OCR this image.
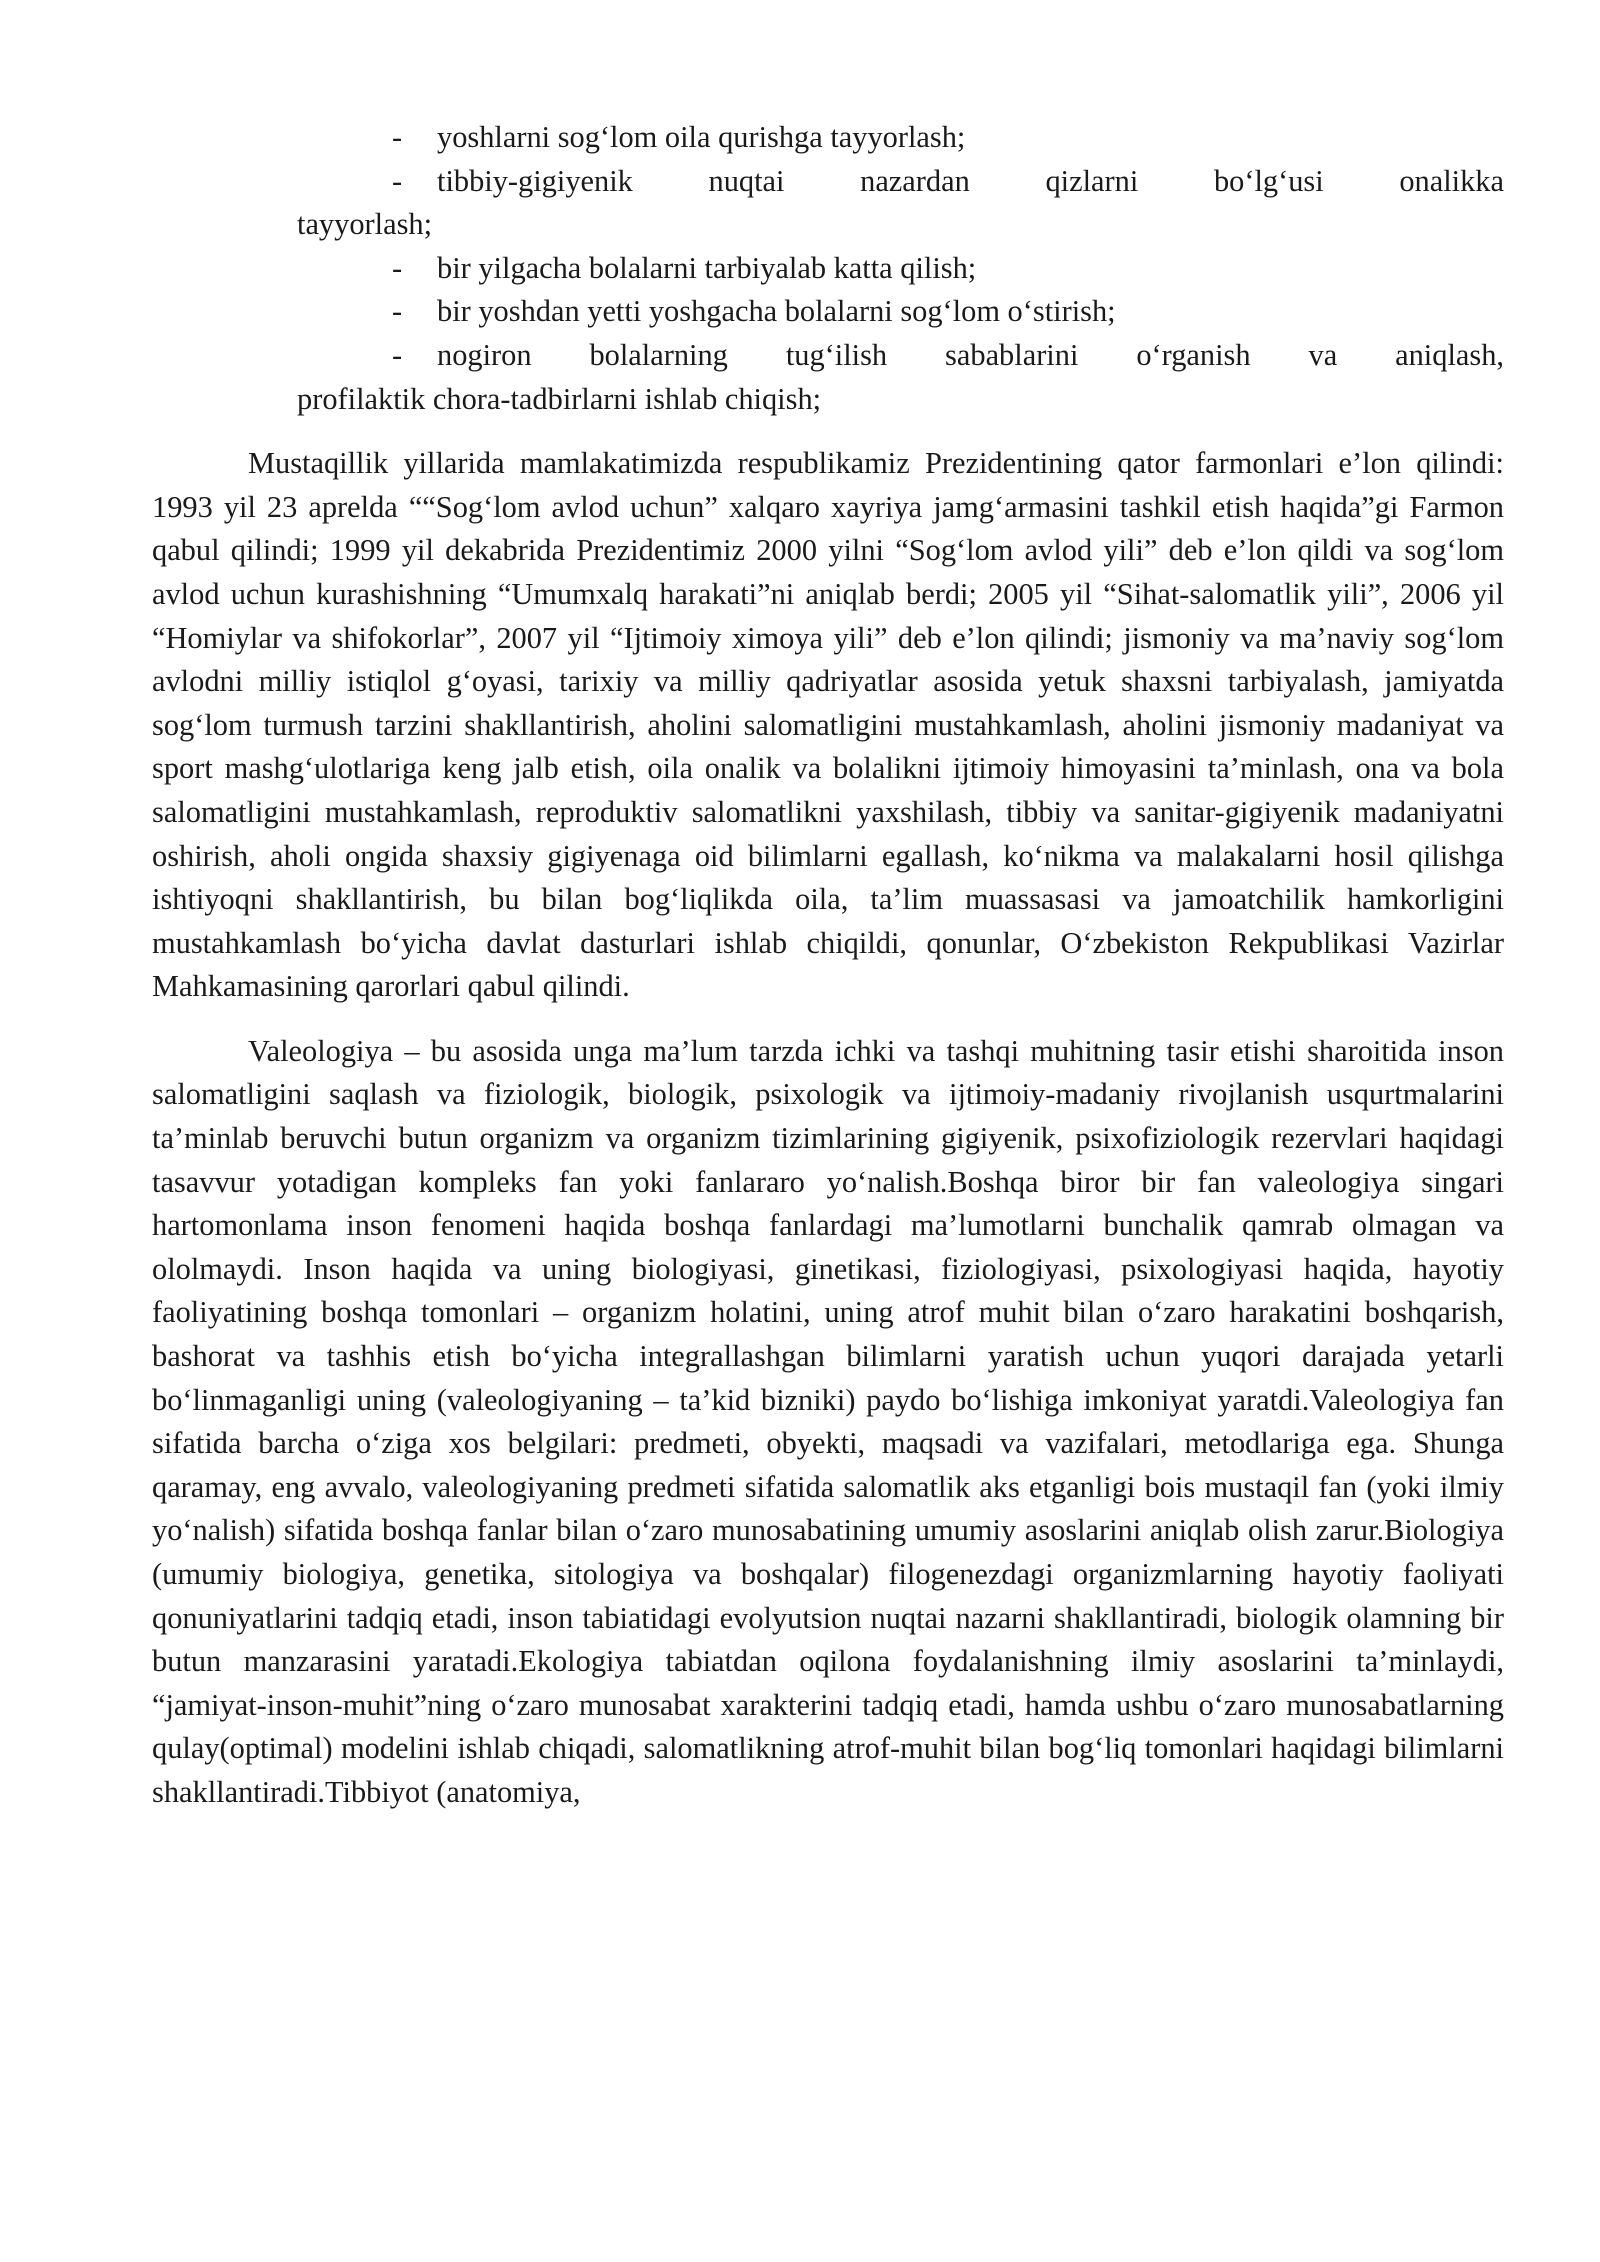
-	yoshlarni sog‘lom oila qurishga tayyorlash;
-	tibbiy-gigiyenik nuqtai nazardan qizlarni bo‘lg‘usi onalikka
tayyorlash;
-	bir yilgacha bolalarni tarbiyalab katta qilish;
-	bir yoshdan yetti yoshgacha bolalarni sog‘lom o‘stirish;
-	nogiron bolalarning tug‘ilish sabablarini o‘rganish va aniqlash,
profilaktik chora-tadbirlarni ishlab chiqish;

Mustaqillik yillarida mamlakatimizda respublikamiz Prezidentining qator farmonlari e’lon qilindi: 1993 yil 23 aprelda ““Sog‘lom avlod uchun” xalqaro xayriya jamg‘armasini tashkil etish haqida”gi Farmon qabul qilindi; 1999 yil dekabrida Prezidentimiz 2000 yilni “Sog‘lom avlod yili” deb e’lon qildi va sog‘lom avlod uchun kurashishning “Umumxalq harakati”ni aniqlab berdi; 2005 yil “Sihat-salomatlik yili”, 2006 yil “Homiylar va shifokorlar”, 2007 yil “Ijtimoiy ximoya yili” deb e’lon qilindi; jismoniy va ma’naviy sog‘lom avlodni milliy istiqlol g‘oyasi, tarixiy va milliy qadriyatlar asosida yetuk shaxsni tarbiyalash, jamiyatda sog‘lom turmush tarzini shakllantirish, aholini salomatligini mustahkamlash, aholini jismoniy madaniyat va sport mashg‘ulotlariga keng jalb etish, oila onalik va bolalikni ijtimoiy himoyasini ta’minlash, ona va bola salomatligini mustahkamlash, reproduktiv salomatlikni yaxshilash, tibbiy va sanitar-gigiyenik madaniyatni oshirish, aholi ongida shaxsiy gigiyenaga oid bilimlarni egallash, ko‘nikma va malakalarni hosil qilishga ishtiyoqni shakllantirish, bu bilan bog‘liqlikda oila, ta’lim muassasasi va jamoatchilik hamkorligini mustahkamlash bo‘yicha davlat dasturlari ishlab chiqildi, qonunlar, O‘zbekiston Rekpublikasi Vazirlar Mahkamasining qarorlari qabul qilindi.

Valeologiya – bu asosida unga ma’lum tarzda ichki va tashqi muhitning tasir etishi sharoitida inson salomatligini saqlash va fiziologik, biologik, psixologik va ijtimoiy-madaniy rivojlanish usqurtmalarini ta’minlab beruvchi butun organizm va organizm tizimlarining gigiyenik, psixofiziologik rezervlari haqidagi tasavvur yotadigan kompleks fan yoki fanlararo yo‘nalish.Boshqa biror bir fan valeologiya singari hartomonlama inson fenomeni haqida boshqa fanlardagi ma’lumotlarni bunchalik qamrab olmagan va ololmaydi. Inson haqida va uning biologiyasi, ginetikasi, fiziologiyasi, psixologiyasi haqida, hayotiy faoliyatining boshqa tomonlari – organizm holatini, uning atrof muhit bilan o‘zaro harakatini boshqarish, bashorat va tashhis etish bo‘yicha integrallashgan bilimlarni yaratish uchun yuqori darajada yetarli bo‘linmaganligi uning (valeologiyaning – ta’kid bizniki) paydo bo‘lishiga imkoniyat yaratdi.Valeologiya fan sifatida barcha o‘ziga xos belgilari: predmeti, obyekti, maqsadi va vazifalari, metodlariga ega. Shunga qaramay, eng avvalo, valeologiyaning predmeti sifatida salomatlik aks etganligi bois mustaqil fan (yoki ilmiy yo‘nalish) sifatida boshqa fanlar bilan o‘zaro munosabatining umumiy asoslarini aniqlab olish zarur.Biologiya (umumiy biologiya, genetika, sitologiya va boshqalar) filogenezdagi organizmlarning hayotiy faoliyati qonuniyatlarini tadqiq etadi, inson tabiatidagi evolyutsion nuqtai nazarni shakllantiradi, biologik olamning bir butun manzarasini yaratadi.Ekologiya tabiatdan oqilona foydalanishning ilmiy asoslarini ta’minlaydi, “jamiyat-inson-muhit”ning o‘zaro munosabat xarakterini tadqiq etadi, hamda ushbu o‘zaro munosabatlarning qulay(optimal) modelini ishlab chiqadi, salomatlikning atrof-muhit bilan bog‘liq tomonlari haqidagi bilimlarni shakllantiradi.Tibbiyot (anatomiya,
